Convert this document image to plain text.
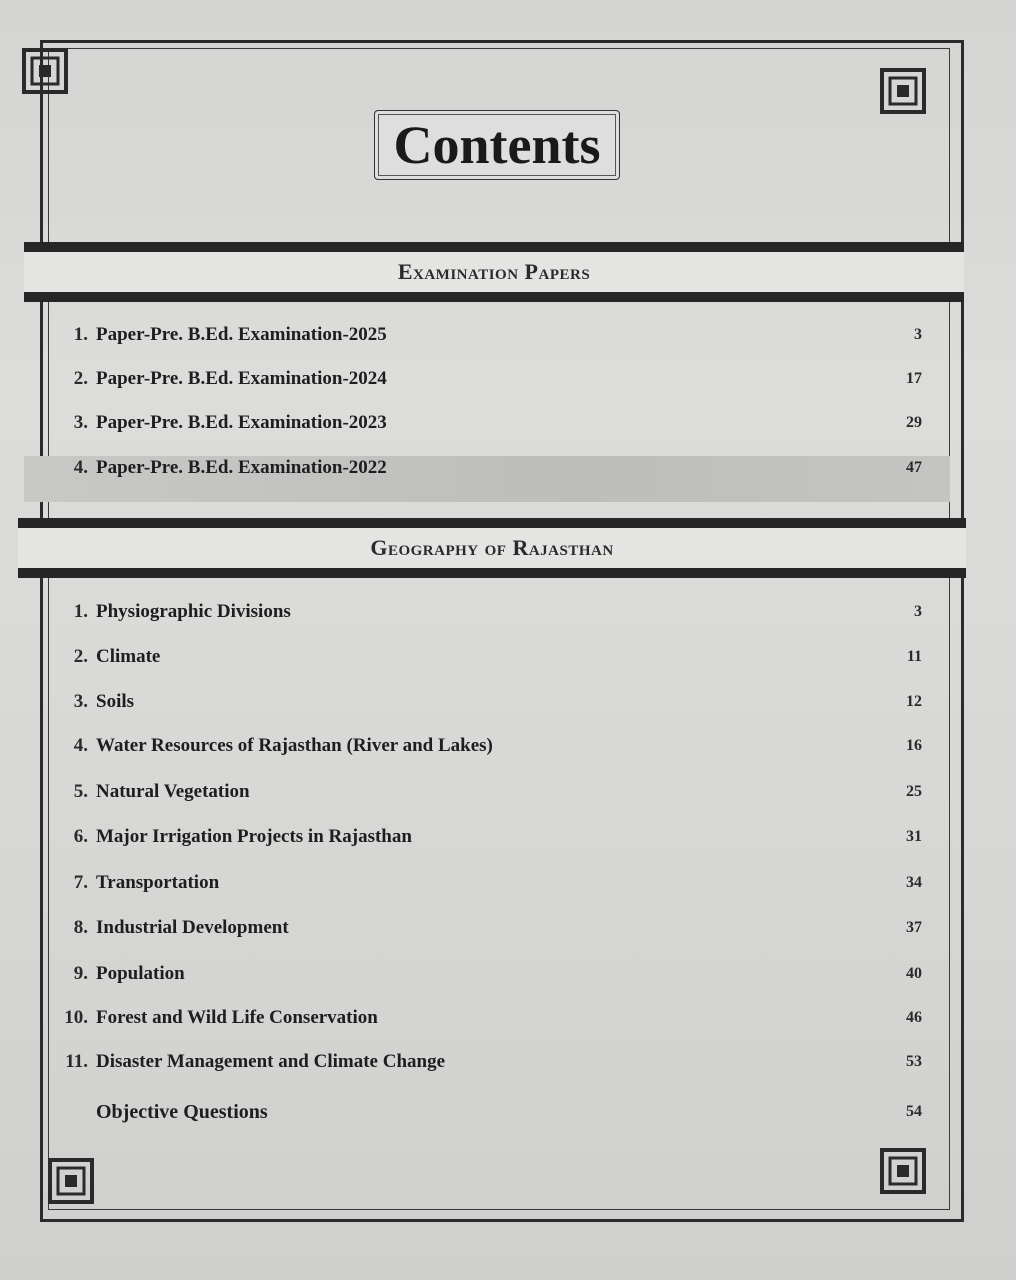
Contents
Examination Papers
1. Paper-Pre. B.Ed. Examination-2025	3
2. Paper-Pre. B.Ed. Examination-2024	17
3. Paper-Pre. B.Ed. Examination-2023	29
4. Paper-Pre. B.Ed. Examination-2022	47
Geography of Rajasthan
1. Physiographic Divisions	3
2. Climate	11
3. Soils	12
4. Water Resources of Rajasthan (River and Lakes)	16
5. Natural Vegetation	25
6. Major Irrigation Projects in Rajasthan	31
7. Transportation	34
8. Industrial Development	37
9. Population	40
10. Forest and Wild Life Conservation	46
11. Disaster Management and Climate Change	53
Objective Questions	54
